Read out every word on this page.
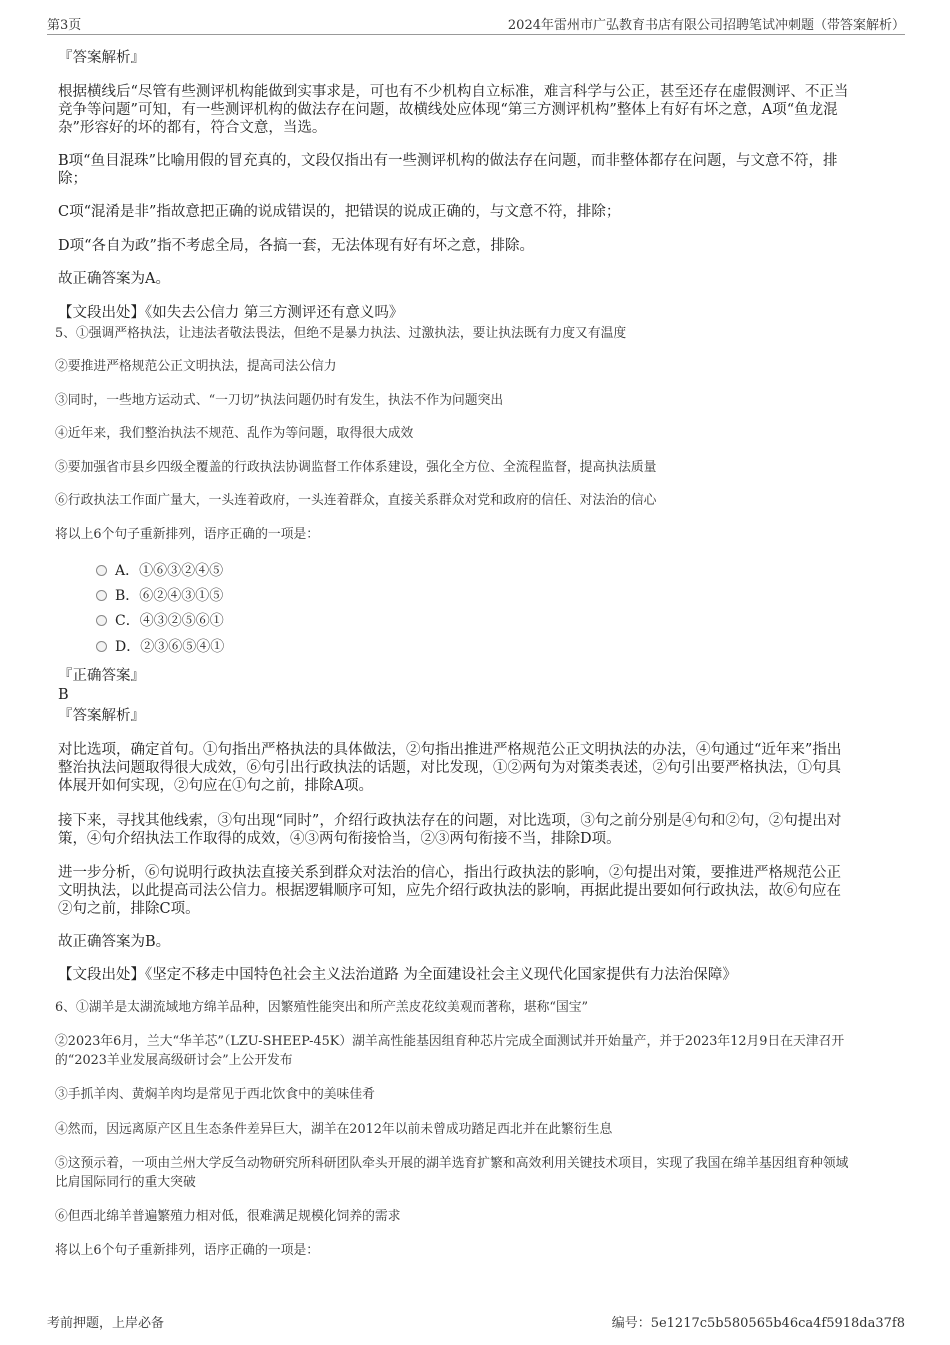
第3页	2024年雷州市广弘教育书店有限公司招聘笔试冲刺题（带答案解析）
『答案解析』
根据横线后“尽管有些测评机构能做到实事求是，可也有不少机构自立标准，难言科学与公正，甚至还存在虚假测评、不正当
竞争等问题”可知，有一些测评机构的做法存在问题，故横线处应体现“第三方测评机构”整体上有好有坏之意，A项“鱼龙混
杂”形容好的坏的都有，符合文意，当选。
B项“鱼目混珠”比喻用假的冒充真的，文段仅指出有一些测评机构的做法存在问题，而非整体都存在问题，与文意不符，排
除；
C项“混淆是非”指故意把正确的说成错误的，把错误的说成正确的，与文意不符，排除；
D项“各自为政”指不考虑全局，各搞一套，无法体现有好有坏之意，排除。
故正确答案为A。
【文段出处】《如失去公信力 第三方测评还有意义吗》
5、①强调严格执法，让违法者敬法畏法，但绝不是暴力执法、过激执法，要让执法既有力度又有温度
②要推进严格规范公正文明执法，提高司法公信力
③同时，一些地方运动式、“一刀切”执法问题仍时有发生，执法不作为问题突出
④近年来，我们整治执法不规范、乱作为等问题，取得很大成效
⑤要加强省市县乡四级全覆盖的行政执法协调监督工作体系建设，强化全方位、全流程监督，提高执法质量
⑥行政执法工作面广量大，一头连着政府，一头连着群众，直接关系群众对党和政府的信任、对法治的信心
将以上6个句子重新排列，语序正确的一项是：
A．①⑥③②④⑤
B．⑥②④③①⑤
C．④③②⑤⑥①
D．②③⑥⑤④①
『正确答案』
B
『答案解析』
对比选项，确定首句。①句指出严格执法的具体做法，②句指出推进严格规范公正文明执法的办法，④句通过“近年来”指出
整治执法问题取得很大成效，⑥句引出行政执法的话题，对比发现，①②两句为对策类表述，②句引出要严格执法，①句具
体展开如何实现，②句应在①句之前，排除A项。
接下来，寻找其他线索，③句出现“同时”，介绍行政执法存在的问题，对比选项，③句之前分别是④句和②句，②句提出对
策，④句介绍执法工作取得的成效，④③两句衔接恰当，②③两句衔接不当，排除D项。
进一步分析，⑥句说明行政执法直接关系到群众对法治的信心，指出行政执法的影响，②句提出对策，要推进严格规范公正
文明执法，以此提高司法公信力。根据逻辑顺序可知，应先介绍行政执法的影响，再据此提出要如何行政执法，故⑥句应在
②句之前，排除C项。
故正确答案为B。
【文段出处】《坚定不移走中国特色社会主义法治道路 为全面建设社会主义现代化国家提供有力法治保障》
6、①湖羊是太湖流域地方绵羊品种，因繁殖性能突出和所产羔皮花纹美观而著称，堪称“国宝”
②2023年6月，兰大“华羊芯”（LZU-SHEEP-45K）湖羊高性能基因组育种芯片完成全面测试并开始量产，并于2023年12月9日在天津召开
的“2023羊业发展高级研讨会”上公开发布
③手抓羊肉、黄焖羊肉均是常见于西北饮食中的美味佳肴
④然而，因远离原产区且生态条件差异巨大，湖羊在2012年以前未曾成功踏足西北并在此繁衍生息
⑤这预示着，一项由兰州大学反刍动物研究所科研团队牵头开展的湖羊选育扩繁和高效利用关键技术项目，实现了我国在绵羊基因组育种领域
比肩国际同行的重大突破
⑥但西北绵羊普遍繁殖力相对低，很难满足规模化饲养的需求
将以上6个句子重新排列，语序正确的一项是：
考前押题，上岸必备	编号：5e1217c5b580565b46ca4f5918da37f8
